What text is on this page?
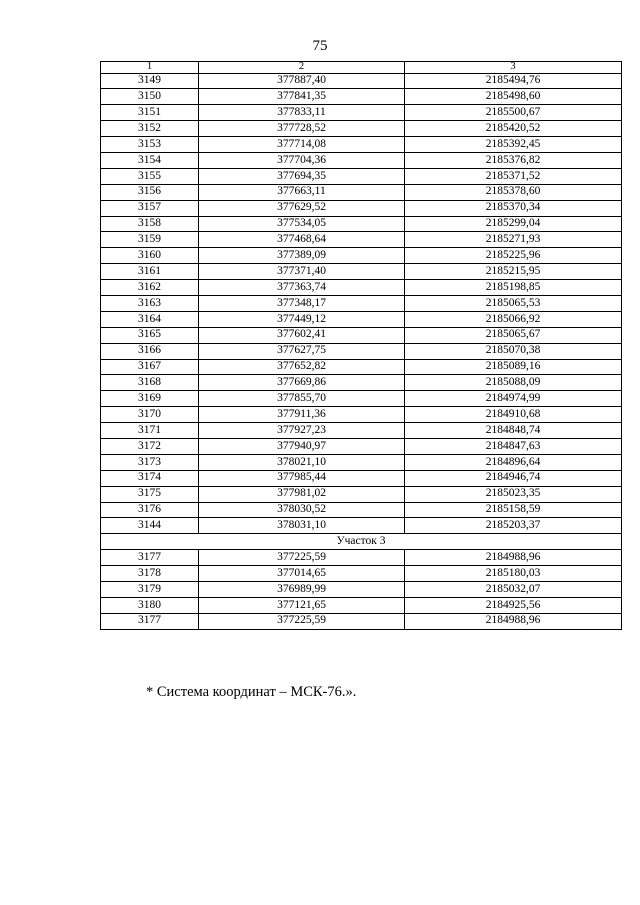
75
1	2	3
3149	377887,40	2185494,76
3150	377841,35	2185498,60
3151	377833,11	2185500,67
3152	377728,52	2185420,52
3153	377714,08	2185392,45
3154	377704,36	2185376,82
3155	377694,35	2185371,52
3156	377663,11	2185378,60
3157	377629,52	2185370,34
3158	377534,05	2185299,04
3159	377468,64	2185271,93
3160	377389,09	2185225,96
3161	377371,40	2185215,95
3162	377363,74	2185198,85
3163	377348,17	2185065,53
3164	377449,12	2185066,92
3165	377602,41	2185065,67
3166	377627,75	2185070,38
3167	377652,82	2185089,16
3168	377669,86	2185088,09
3169	377855,70	2184974,99
3170	377911,36	2184910,68
3171	377927,23	2184848,74
3172	377940,97	2184847,63
3173	378021,10	2184896,64
3174	377985,44	2184946,74
3175	377981,02	2185023,35
3176	378030,52	2185158,59
3144	378031,10	2185203,37
Участок 3		
3177	377225,59	2184988,96
3178	377014,65	2185180,03
3179	376989,99	2185032,07
3180	377121,65	2184925,56
3177	377225,59	2184988,96
* Система координат – МСК-76.».
